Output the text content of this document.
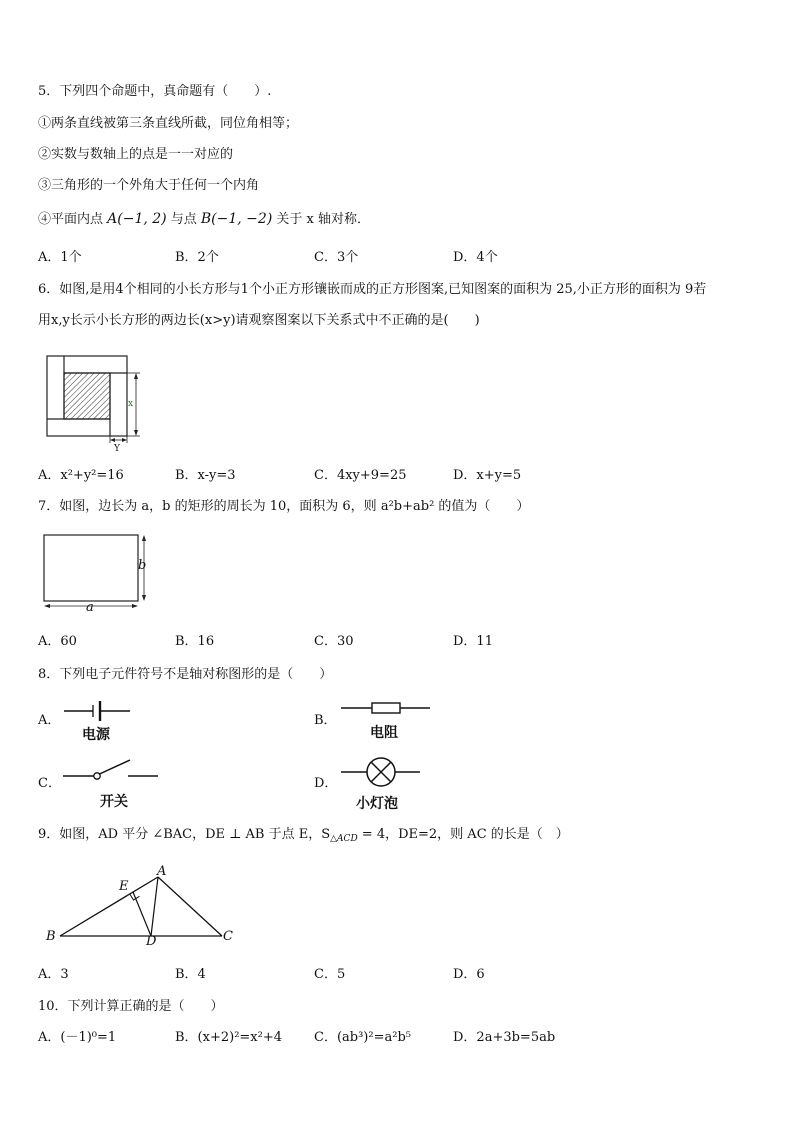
5．下列四个命题中，真命题有（　　）.
①两条直线被第三条直线所截，同位角相等；
②实数与数轴上的点是一一对应的
③三角形的一个外角大于任何一个内角
④平面内点 A(−1, 2) 与点 B(−1, −2) 关于 x 轴对称．
A．1个	B．2个	C．3个	D．4个
6．如图,是用4个相同的小长方形与1个小正方形镶嵌而成的正方形图案,已知图案的面积为 25,小正方形的面积为 9若
用x,y长示小长方形的两边长(x>y)请观察图案以下关系式中不正确的是(　　)
x
Y
A．x²+y²=16	B．x-y=3	C．4xy+9=25	D．x+y=5
7．如图，边长为 a，b 的矩形的周长为 10，面积为 6，则 a²b+ab² 的值为（　　）
b
a
A．60	B．16	C．30	D．11
8．下列电子元件符号不是轴对称图形的是（　　）
A．
电源
B．
电阻
C．
开关
D．
小灯泡
9．如图，AD 平分 ∠BAC，DE ⊥ AB 于点 E，$S_{\triangle ACD} = 4$，DE=2，则 AC 的长是（　）
A
E
B	D	C
A．3	B．4	C．5	D．6
10．下列计算正确的是（　　）
A．(－1)⁰=1	B．(x+2)²=x²+4 C．(ab³)²=a²b⁵	D．2a+3b=5ab
